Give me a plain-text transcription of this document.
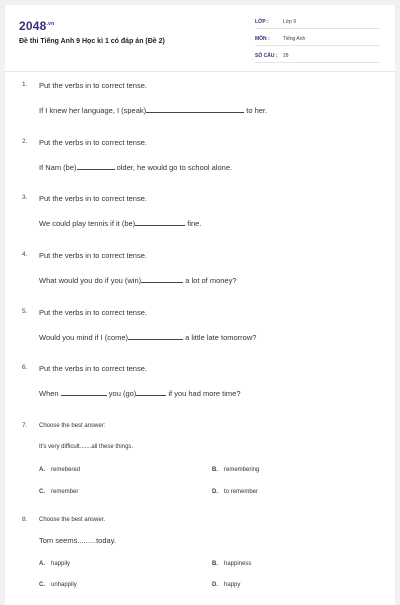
$2048^{.vn}$
Đề thi Tiếng Anh 9 Học kì 1 có đáp án (Đề 2)
LỚP :	Lớp 9
MÔN :	Tiếng Anh
SỐ CÂU :	28
1. Put the verbs in to correct tense.
If I knew her language, I (speak)	to her.
2. Put the verbs in to correct tense.
If Nam (be)	older, he would go to school alone.
3. Put the verbs in to correct tense.
We could play tennis if it (be)	fine.
4. Put the verbs in to correct tense.
What would you do if you (win)	a lot of money?
5. Put the verbs in to correct tense.
Would you mind if I (come)	a little late tomorrow?
6. Put the verbs in to correct tense.
When	you (go)	if you had more time?
7. Choose the best answer:
It's very difficult.......all these things.
A. remebered	B. remembering
C. remember	D. to remember
8. Choose the best answer.
Tom seems.........today.
A. happily	B. happiness
C. unhappily	D. happy
